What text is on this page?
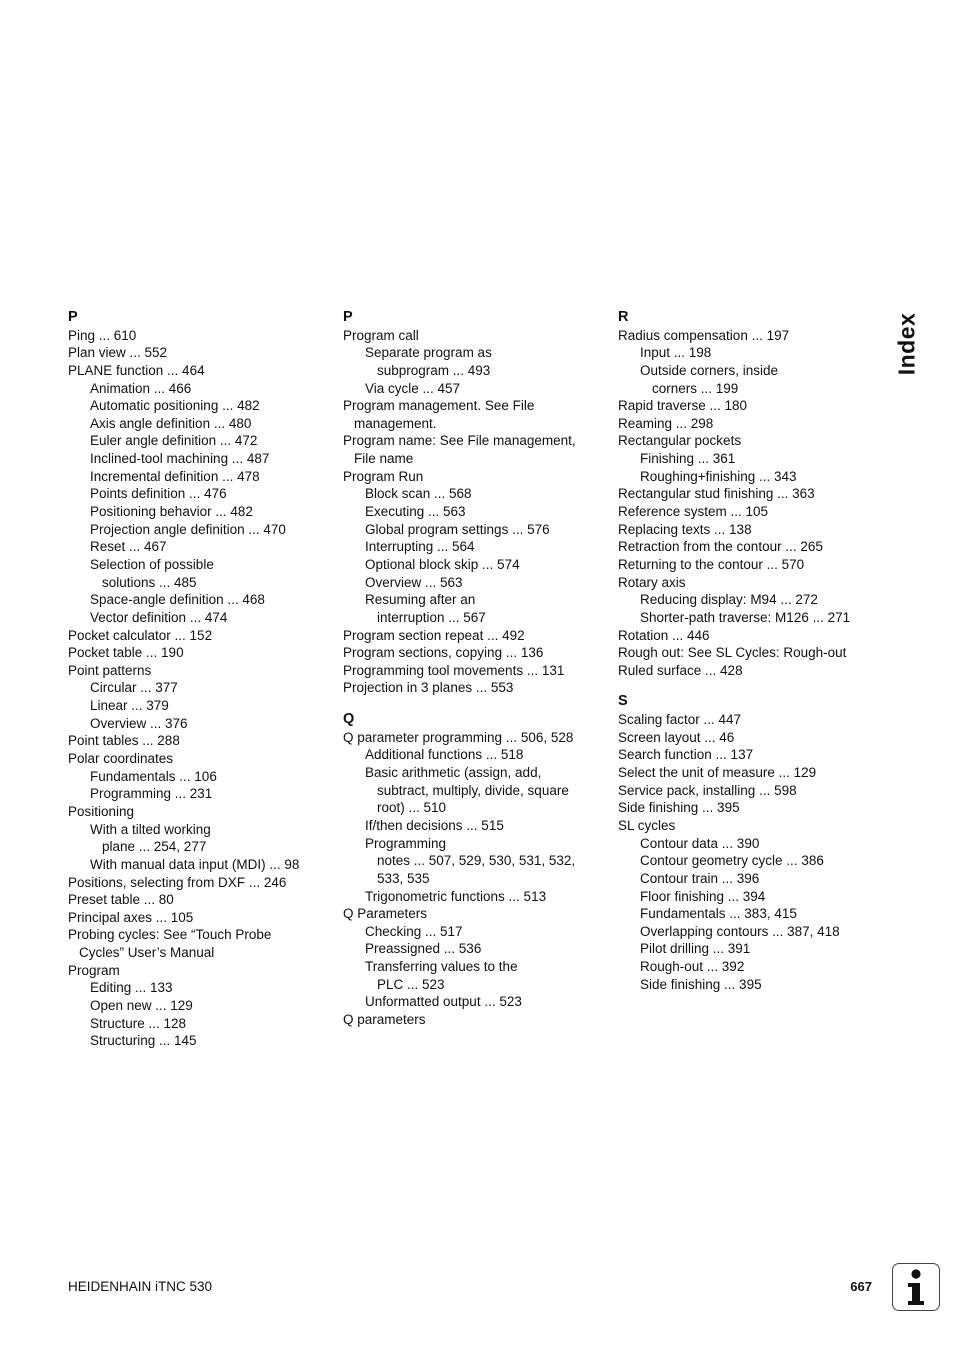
P
Ping ... 610
Plan view ... 552
PLANE function ... 464
Animation ... 466
Automatic positioning ... 482
Axis angle definition ... 480
Euler angle definition ... 472
Inclined-tool machining ... 487
Incremental definition ... 478
Points definition ... 476
Positioning behavior ... 482
Projection angle definition ... 470
Reset ... 467
Selection of possible
solutions ... 485
Space-angle definition ... 468
Vector definition ... 474
Pocket calculator ... 152
Pocket table ... 190
Point patterns
Circular ... 377
Linear ... 379
Overview ... 376
Point tables ... 288
Polar coordinates
Fundamentals ... 106
Programming ... 231
Positioning
With a tilted working
plane ... 254, 277
With manual data input (MDI) ... 98
Positions, selecting from DXF ... 246
Preset table ... 80
Principal axes ... 105
Probing cycles: See “Touch Probe
Cycles” User’s Manual
Program
Editing ... 133
Open new ... 129
Structure ... 128
Structuring ... 145
P
Program call
Separate program as
subprogram ... 493
Via cycle ... 457
Program management. See File
management.
Program name: See File management,
File name
Program Run
Block scan ... 568
Executing ... 563
Global program settings ... 576
Interrupting ... 564
Optional block skip ... 574
Overview ... 563
Resuming after an
interruption ... 567
Program section repeat ... 492
Program sections, copying ... 136
Programming tool movements ... 131
Projection in 3 planes ... 553
Q
Q parameter programming ... 506, 528
Additional functions ... 518
Basic arithmetic (assign, add,
subtract, multiply, divide, square
root) ... 510
If/then decisions ... 515
Programming
notes ... 507, 529, 530, 531, 532,
533, 535
Trigonometric functions ... 513
Q Parameters
Checking ... 517
Preassigned ... 536
Transferring values to the
PLC ... 523
Unformatted output ... 523
Q parameters
R
Radius compensation ... 197
Input ... 198
Outside corners, inside
corners ... 199
Rapid traverse ... 180
Reaming ... 298
Rectangular pockets
Finishing ... 361
Roughing+finishing ... 343
Rectangular stud finishing ... 363
Reference system ... 105
Replacing texts ... 138
Retraction from the contour ... 265
Returning to the contour ... 570
Rotary axis
Reducing display: M94 ... 272
Shorter-path traverse: M126 ... 271
Rotation ... 446
Rough out: See SL Cycles: Rough-out
Ruled surface ... 428
S
Scaling factor ... 447
Screen layout ... 46
Search function ... 137
Select the unit of measure ... 129
Service pack, installing ... 598
Side finishing ... 395
SL cycles
Contour data ... 390
Contour geometry cycle ... 386
Contour train ... 396
Floor finishing ... 394
Fundamentals ... 383, 415
Overlapping contours ... 387, 418
Pilot drilling ... 391
Rough-out ... 392
Side finishing ... 395
Index
HEIDENHAIN iTNC 530	667
